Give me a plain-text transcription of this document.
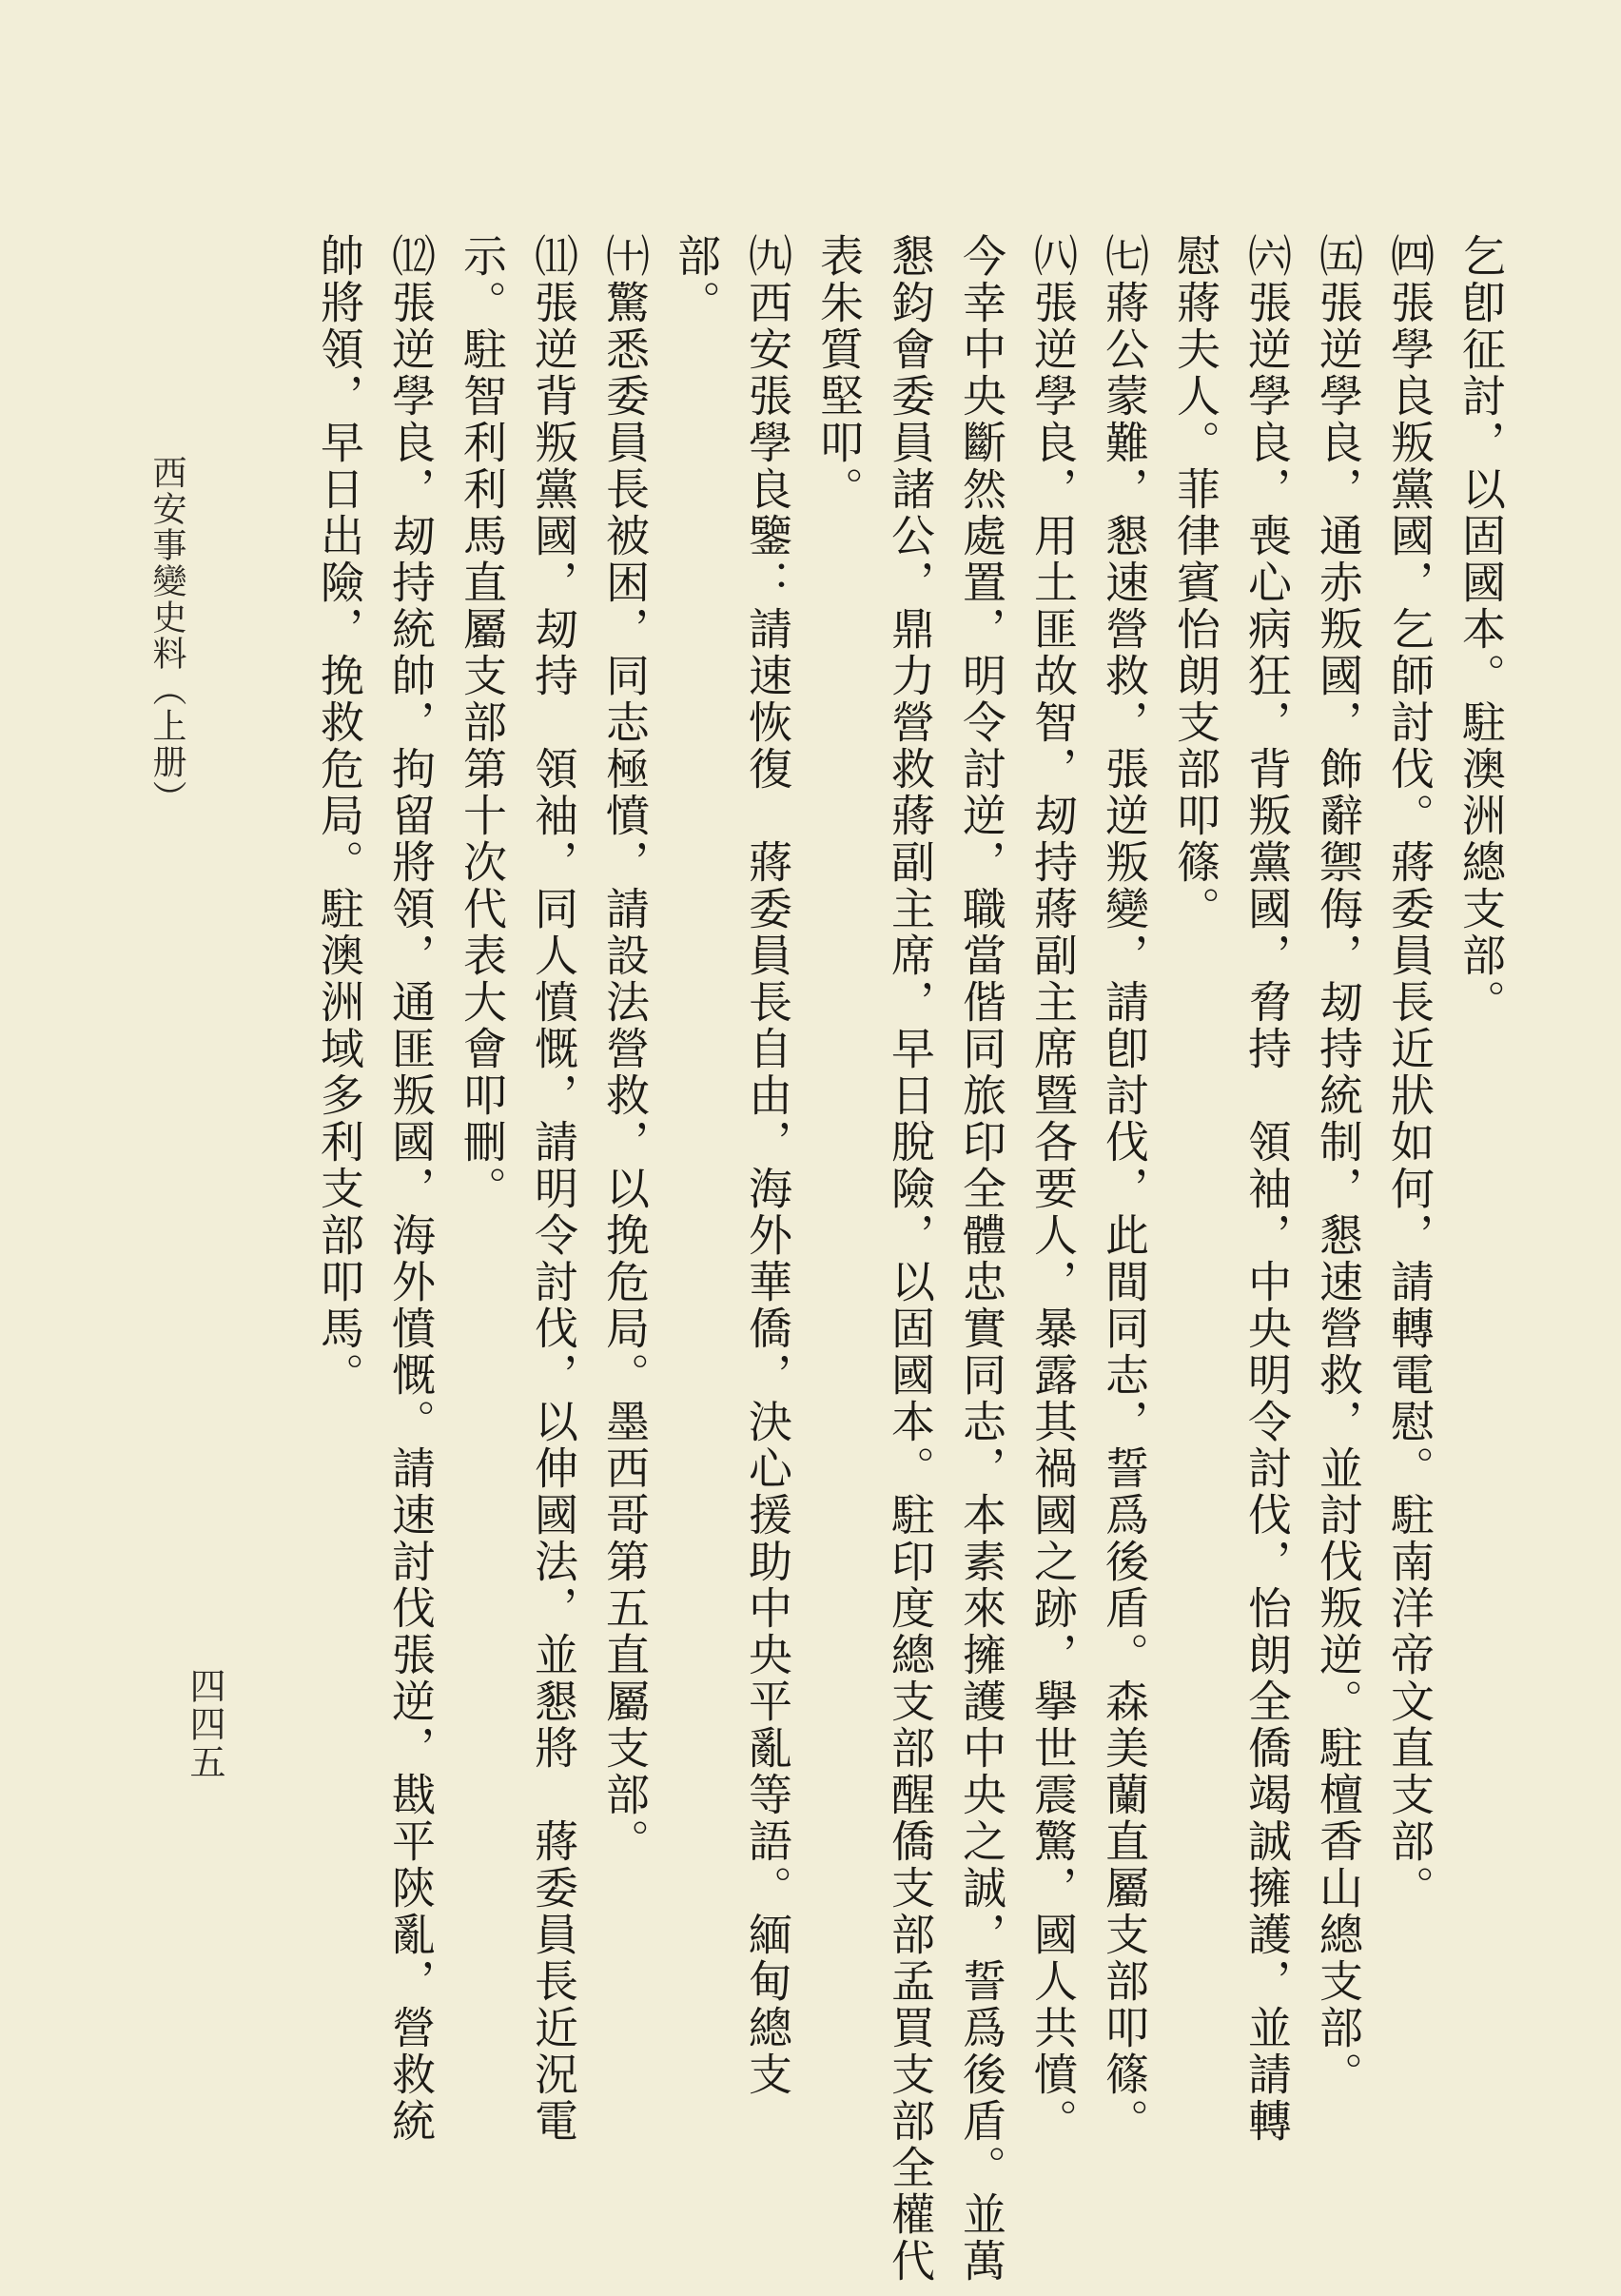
乞卽征討，以固國本。駐澳洲總支部。
㈣張學良叛黨國，乞師討伐。蔣委員長近狀如何，請轉電慰。駐南洋帝文直支部。
㈤張逆學良，通赤叛國，飾辭禦侮，刼持統制，懇速營救，並討伐叛逆。駐檀香山總支部。
㈥張逆學良，喪心病狂，背叛黨國，脅持　領袖，中央明令討伐，怡朗全僑竭誠擁護，並請轉
慰蔣夫人。菲律賓怡朗支部叩篠。
㈦蔣公蒙難，懇速營救，張逆叛變，請卽討伐，此間同志，誓爲後盾。森美蘭直屬支部叩篠。
㈧張逆學良，用土匪故智，刼持蔣副主席暨各要人，暴露其禍國之跡，擧世震驚，國人共憤。
今幸中央斷然處置，明令討逆，職當偕同旅印全體忠實同志，本素來擁護中央之誠，誓爲後盾。並萬
懇鈞會委員諸公，鼎力營救蔣副主席，早日脫險，以固國本。駐印度總支部醒僑支部孟買支部全權代
表朱質堅叩。
㈨西安張學良鑒：請速恢復　蔣委員長自由，海外華僑，決心援助中央平亂等語。緬甸總支
部。
㈩驚悉委員長被困，同志極憤，請設法營救，以挽危局。墨西哥第五直屬支部。
⑾張逆背叛黨國，刼持　領袖，同人憤慨，請明令討伐，以伸國法，並懇將　蔣委員長近況電
示。駐智利利馬直屬支部第十次代表大會叩刪。
⑿張逆學良，刼持統帥，拘留將領，通匪叛國，海外憤慨。請速討伐張逆，戡平陝亂，營救統
帥將領，早日出險，挽救危局。駐澳洲域多利支部叩馬。
西安事變史料（上册）
四四五
